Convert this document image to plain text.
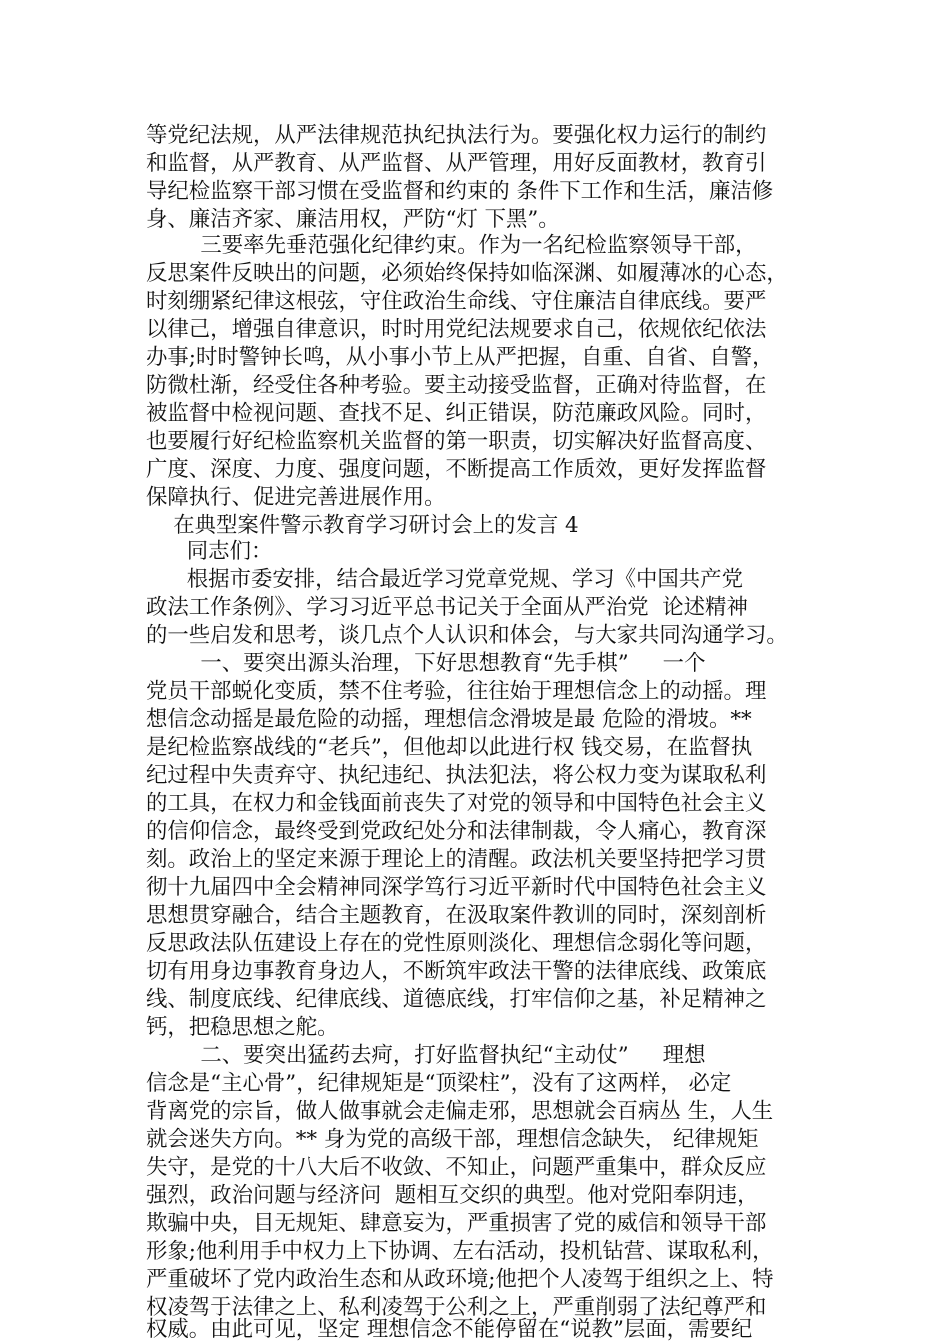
等党纪法规，从严法律规范执纪执法行为。要强化权力运行的制约
和监督，从严教育、从严监督、从严管理，用好反面教材，教育引
导纪检监察干部习惯在受监督和约束的 条件下工作和生活，廉洁修
身、廉洁齐家、廉洁用权，严防“灯 下黑”。
三要率先垂范强化纪律约束。作为一名纪检监察领导干部，
反思案件反映出的问题，必须始终保持如临深渊、如履薄冰的心态，
时刻绷紧纪律这根弦，守住政治生命线、守住廉洁自律底线。要严
以律己，增强自律意识，时时用党纪法规要求自己，依规依纪依法
办事;时时警钟长鸣，从小事小节上从严把握，自重、自省、自警，
防微杜渐，经受住各种考验。要主动接受监督，正确对待监督，在
被监督中检视问题、查找不足、纠正错误，防范廉政风险。同时，
也要履行好纪检监察机关监督的第一职责，切实解决好监督高度、
广度、深度、力度、强度问题，不断提高工作质效，更好发挥监督
保障执行、促进完善进展作用。
在典型案件警示教育学习研讨会上的发言 4
同志们：
根据市委安排，结合最近学习党章党规、学习《中国共产党
政法工作条例》、学习习近平总书记关于全面从严治党  论述精神
的一些启发和思考，谈几点个人认识和体会，与大家共同沟通学习。
一、要突出源头治理，下好思想教育“先手棋”     一个
党员干部蜕化变质，禁不住考验，往往始于理想信念上的动摇。理
想信念动摇是最危险的动摇，理想信念滑坡是最 危险的滑坡。**
是纪检监察战线的“老兵”，但他却以此进行权 钱交易，在监督执
纪过程中失责弃守、执纪违纪、执法犯法，将公权力变为谋取私利
的工具，在权力和金钱面前丧失了对党的领导和中国特色社会主义
的信仰信念，最终受到党政纪处分和法律制裁，令人痛心，教育深
刻。政治上的坚定来源于理论上的清醒。政法机关要坚持把学习贯
彻十九届四中全会精神同深学笃行习近平新时代中国特色社会主义
思想贯穿融合，结合主题教育，在汲取案件教训的同时，深刻剖析
反思政法队伍建设上存在的党性原则淡化、理想信念弱化等问题，
切有用身边事教育身边人，不断筑牢政法干警的法律底线、政策底
线、制度底线、纪律底线、道德底线，打牢信仰之基，补足精神之
钙，把稳思想之舵。
二、要突出猛药去疴，打好监督执纪“主动仗”     理想
信念是“主心骨”，纪律规矩是“顶梁柱”，没有了这两样， 必定
背离党的宗旨，做人做事就会走偏走邪，思想就会百病丛 生，人生
就会迷失方向。** 身为党的高级干部，理想信念缺失， 纪律规矩
失守，是党的十八大后不收敛、不知止，问题严重集中，群众反应
强烈，政治问题与经济问  题相互交织的典型。他对党阳奉阴违，
欺骗中央，目无规矩、肆意妄为，严重损害了党的威信和领导干部
形象;他利用手中权力上下协调、左右活动，投机钻营、谋取私利，
严重破坏了党内政治生态和从政环境;他把个人凌驾于组织之上、特
权凌驾于法律之上、私利凌驾于公利之上，严重削弱了法纪尊严和
权威。由此可见，坚定 理想信念不能停留在“说教”层面，需要纪
